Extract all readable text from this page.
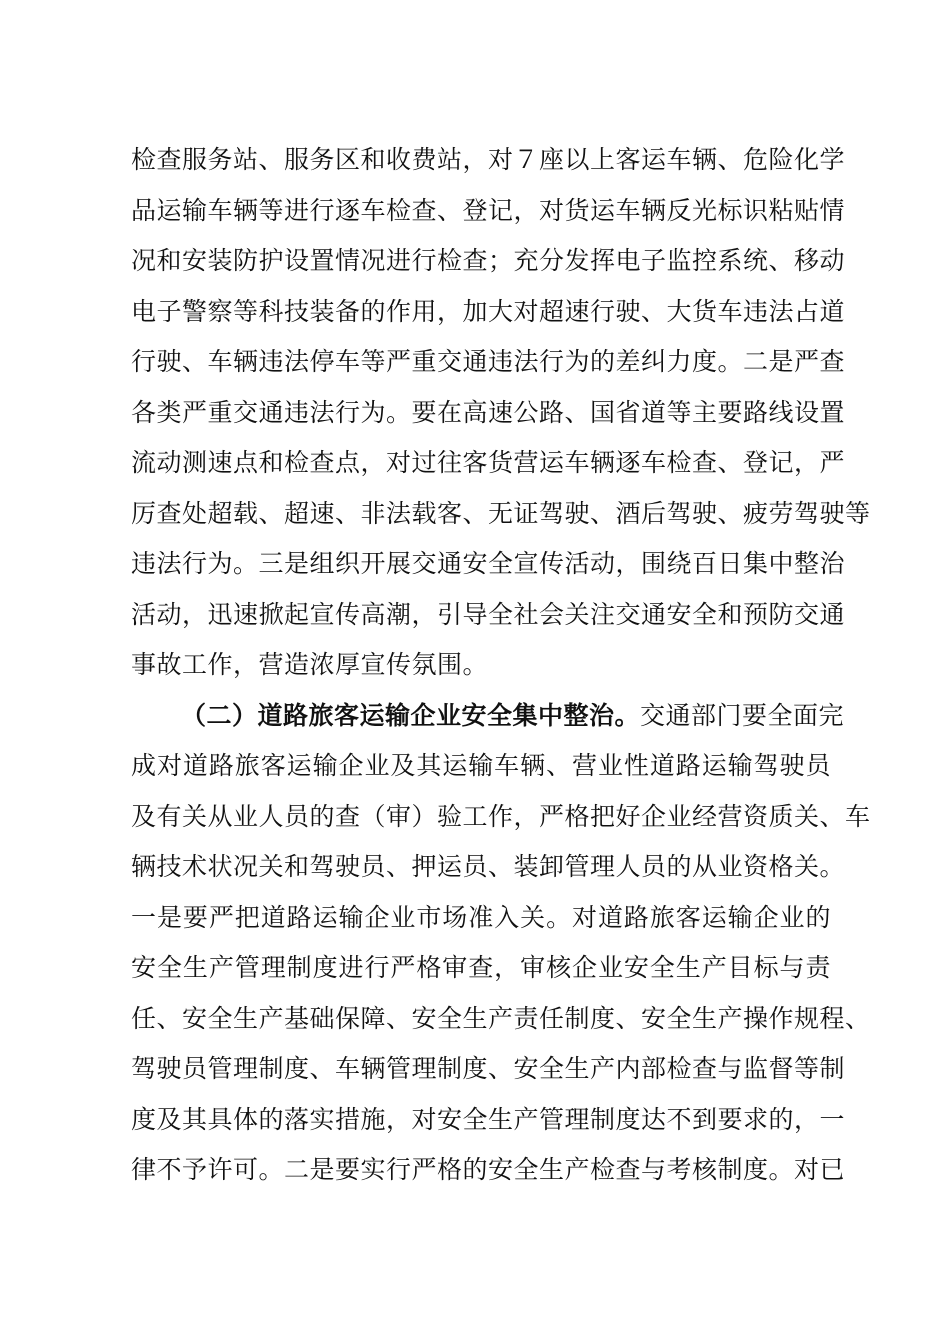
检查服务站、服务区和收费站，对７座以上客运车辆、危险化学
品运输车辆等进行逐车检查、登记，对货运车辆反光标识粘贴情
况和安装防护设置情况进行检查；充分发挥电子监控系统、移动
电子警察等科技装备的作用，加大对超速行驶、大货车违法占道
行驶、车辆违法停车等严重交通违法行为的差纠力度。二是严查
各类严重交通违法行为。要在高速公路、国省道等主要路线设置
流动测速点和检查点，对过往客货营运车辆逐车检查、登记，严
厉查处超载、超速、非法载客、无证驾驶、酒后驾驶、疲劳驾驶等
违法行为。三是组织开展交通安全宣传活动，围绕百日集中整治
活动，迅速掀起宣传高潮，引导全社会关注交通安全和预防交通
事故工作，营造浓厚宣传氛围。
（二）道路旅客运输企业安全集中整治。交通部门要全面完
成对道路旅客运输企业及其运输车辆、营业性道路运输驾驶员
及有关从业人员的查（审）验工作，严格把好企业经营资质关、车
辆技术状况关和驾驶员、押运员、装卸管理人员的从业资格关。
一是要严把道路运输企业市场准入关。对道路旅客运输企业的
安全生产管理制度进行严格审查，审核企业安全生产目标与责
任、安全生产基础保障、安全生产责任制度、安全生产操作规程、
驾驶员管理制度、车辆管理制度、安全生产内部检查与监督等制
度及其具体的落实措施，对安全生产管理制度达不到要求的，一
律不予许可。二是要实行严格的安全生产检查与考核制度。对已
